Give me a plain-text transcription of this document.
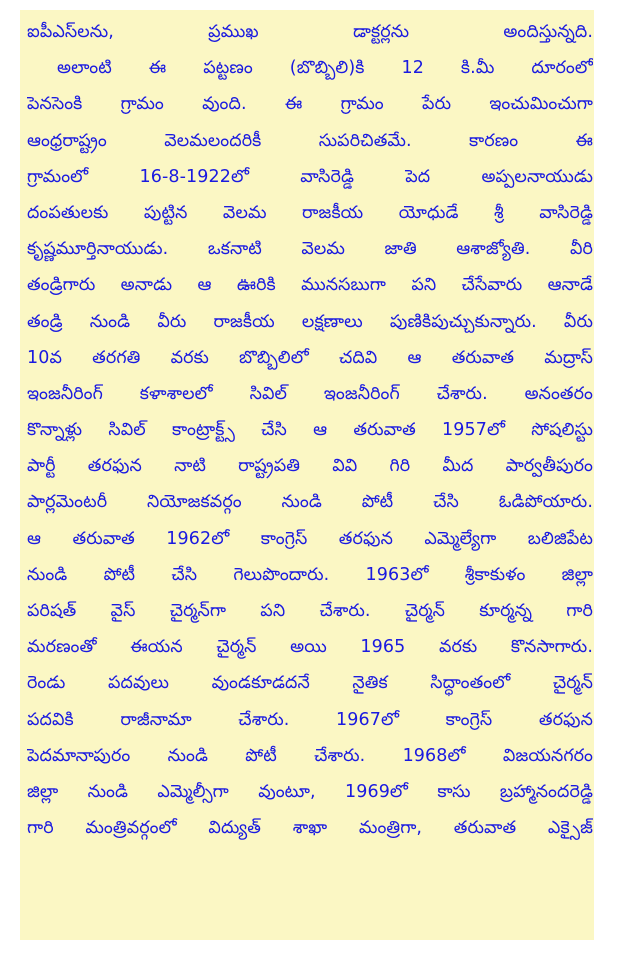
ఐపీఎస్‌లను, ప్రముఖ డాక్టర్లను అందిస్తున్నది.
అలాంటి ఈ పట్టణం (బొబ్బిలి)కి 12 కి.మీ దూరంలో
పెనసెంకి గ్రామం వుంది. ఈ గ్రామం పేరు ఇంచుమించుగా
ఆంధ్రరాష్ట్రం వెలమలందరికీ సుపరిచితమే. కారణం ఈ
గ్రామంలో 16-8-1922లో వాసిరెడ్డి పెద అప్పలనాయుడు
దంపతులకు పుట్టిన వెలమ రాజకీయ యోధుడే శ్రీ వాసిరెడ్డి
కృష్ణమూర్తినాయుడు. ఒకనాటి వెలమ జాతి ఆశాజ్యోతి. వీరి
తండ్రిగారు అనాడు ఆ ఊరికి మునసబుగా పని చేసేవారు ఆనాడే
తండ్రి నుండి వీరు రాజకీయ లక్షణాలు పుణికిపుచ్చుకున్నారు. వీరు
10వ తరగతి వరకు బొబ్బిలిలో చదివి ఆ తరువాత మద్రాస్
ఇంజనీరింగ్ కళాశాలలో సివిల్ ఇంజనీరింగ్ చేశారు. అనంతరం
కొన్నాళ్లు సివిల్ కాంట్రాక్ట్స్ చేసి ఆ తరువాత 1957లో సోషలిస్టు
పార్టీ తరఫున నాటి రాష్ట్రపతి వివి గిరి మీద పార్వతీపురం
పార్లమెంటరీ నియోజకవర్గం నుండి పోటీ చేసి ఓడిపోయారు.
ఆ తరువాత 1962లో కాంగ్రెస్ తరఫున ఎమ్మెల్యేగా బలిజిపేట
నుండి పోటీ చేసి గెలుపొందారు. 1963లో శ్రీకాకుళం జిల్లా
పరిషత్ వైస్ చైర్మన్‌గా పని చేశారు. చైర్మన్ కూర్మన్న గారి
మరణంతో ఈయన చైర్మన్ అయి 1965 వరకు కొనసాగారు.
రెండు పదవులు వుండకూడదనే నైతిక సిద్ధాంతంలో చైర్మన్
పదవికి రాజీనామా చేశారు. 1967లో కాంగ్రెస్ తరఫున
పెదమానాపురం నుండి పోటీ చేశారు. 1968లో విజయనగరం
జిల్లా నుండి ఎమ్మెల్సీగా వుంటూ, 1969లో కాసు బ్రహ్మానందరెడ్డి
గారి మంత్రివర్గంలో విద్యుత్ శాఖా మంత్రిగా, తరువాత ఎక్సైజ్
